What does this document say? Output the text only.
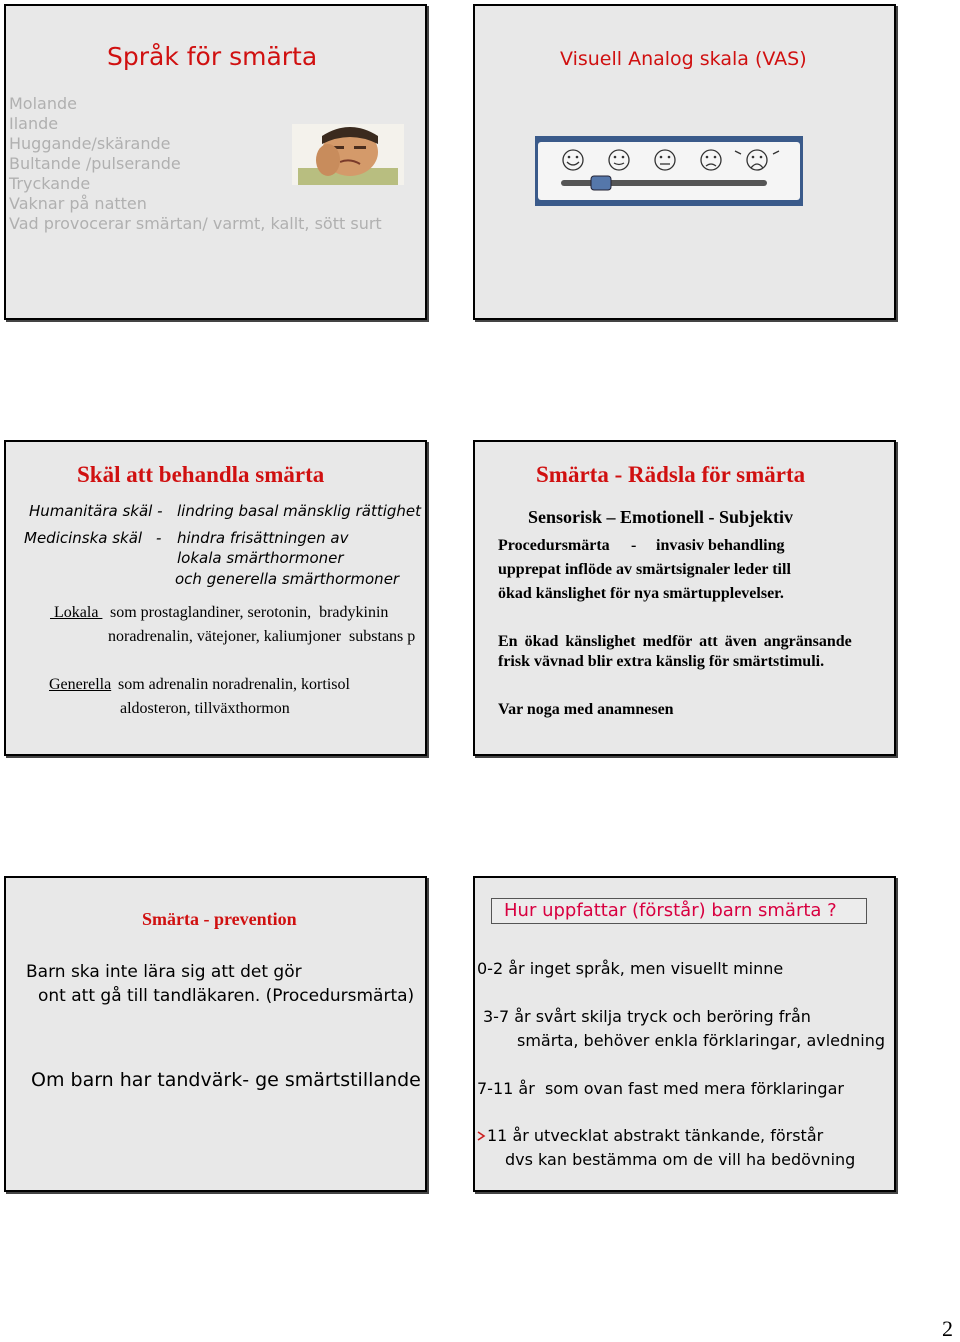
Språk för smärta
Molande
Ilande
Huggande/skärande
Bultande /pulserande
Tryckande
Vaknar på natten
Vad provocerar smärtan/ varmt, kallt, sött surt
Visuell Analog skala (VAS)
Skäl att behandla smärta
Humanitära skäl - lindring basal mänsklig rättighet
Medicinska skäl - hindra frisättningen av
lokala smärthormoner
och generella smärthormoner
Lokala som prostaglandiner, serotonin,  bradykinin
noradrenalin, vätejoner, kaliumjoner  substans p
Generella som adrenalin noradrenalin, kortisol
aldosteron, tillväxthormon
Smärta - Rädsla för smärta
Sensorisk – Emotionell - Subjektiv
Procedursmärta - invasiv behandling
upprepat inflöde av smärtsignaler leder till
ökad känslighet för nya smärtupplevelser.
En ökad känslighet medför att även angränsande
frisk vävnad blir extra känslig för smärtstimuli.
Var noga med anamnesen
Smärta - prevention
Barn ska inte lära sig att det gör
ont att gå till tandläkaren. (Procedursmärta)
Om barn har tandvärk- ge smärtstillande
Hur uppfattar (förstår) barn smärta ?
0-2 år inget språk, men visuellt minne
3-7 år svårt skilja tryck och beröring från
smärta, behöver enkla förklaringar, avledning
7-11 år  som ovan fast med mera förklaringar
11 år utvecklat abstrakt tänkande, förstår
dvs kan bestämma om de vill ha bedövning
2
